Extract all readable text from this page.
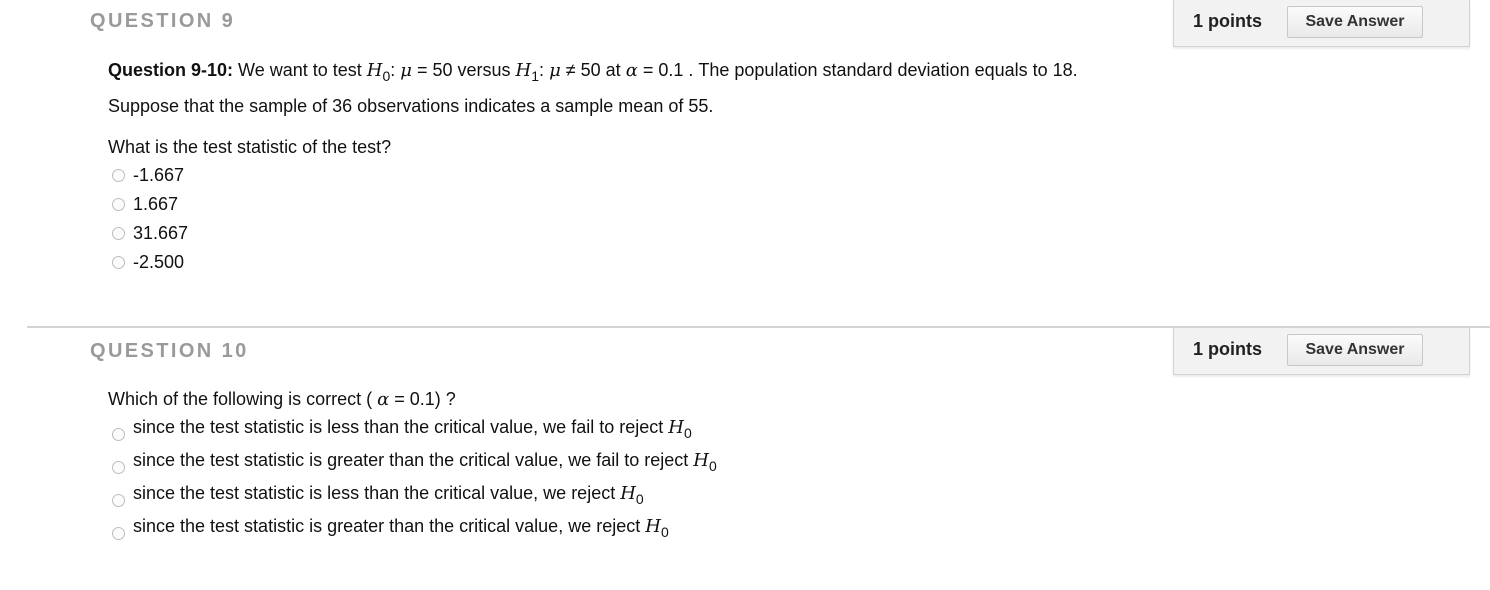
QUESTION 9	1 points	Save Answer
Question 9-10: We want to test $H_0$: μ = 50 versus $H_1$: μ ≠ 50 at α = 0.1 . The population standard deviation equals to 18. Suppose that the sample of 36 observations indicates a sample mean of 55.
What is the test statistic of the test?
-1.667
1.667
31.667
-2.500
QUESTION 10	1 points	Save Answer
Which of the following is correct ( α = 0.1) ?
since the test statistic is less than the critical value, we fail to reject $H_0$
since the test statistic is greater than the critical value, we fail to reject $H_0$
since the test statistic is less than the critical value, we reject $H_0$
since the test statistic is greater than the critical value, we reject $H_0$
